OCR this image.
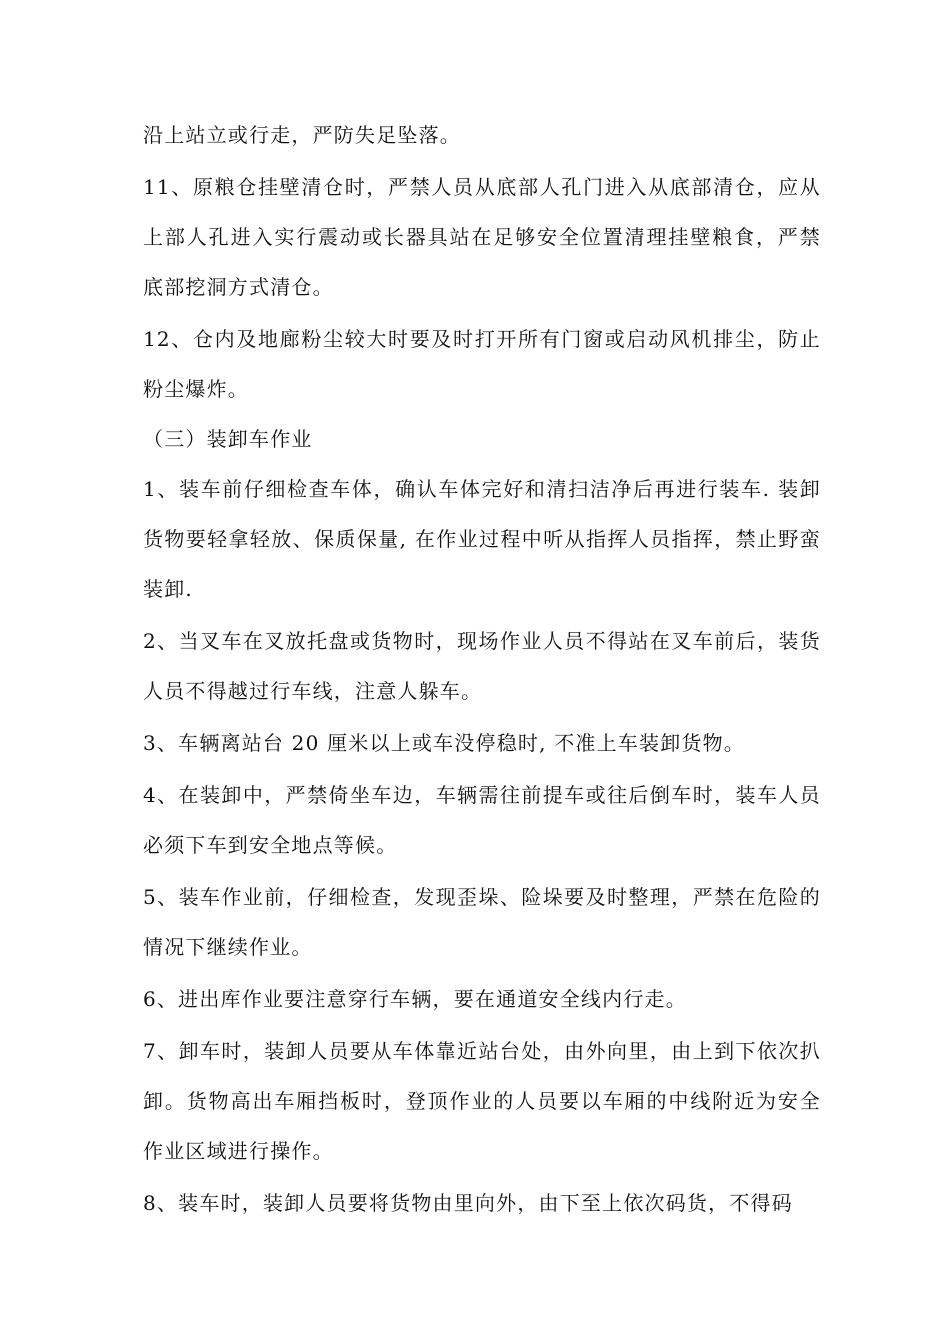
沿上站立或行走，严防失足坠落。

11、原粮仓挂壁清仓时，严禁人员从底部人孔门进入从底部清仓，应从上部人孔进入实行震动或长器具站在足够安全位置清理挂壁粮食，严禁底部挖洞方式清仓。

12、仓内及地廊粉尘较大时要及时打开所有门窗或启动风机排尘，防止粉尘爆炸。

（三）装卸车作业

1、装车前仔细检查车体，确认车体完好和清扫洁净后再进行装车. 装卸货物要轻拿轻放、保质保量, 在作业过程中听从指挥人员指挥，禁止野蛮装卸.

2、当叉车在叉放托盘或货物时，现场作业人员不得站在叉车前后，装货人员不得越过行车线，注意人躲车。

3、车辆离站台 20 厘米以上或车没停稳时, 不准上车装卸货物。

4、在装卸中，严禁倚坐车边，车辆需往前提车或往后倒车时，装车人员必须下车到安全地点等候。

5、装车作业前，仔细检查，发现歪垛、险垛要及时整理，严禁在危险的情况下继续作业。

6、进出库作业要注意穿行车辆，要在通道安全线内行走。

7、卸车时，装卸人员要从车体靠近站台处，由外向里，由上到下依次扒卸。货物高出车厢挡板时，登顶作业的人员要以车厢的中线附近为安全作业区域进行操作。

8、装车时，装卸人员要将货物由里向外，由下至上依次码货，不得码
